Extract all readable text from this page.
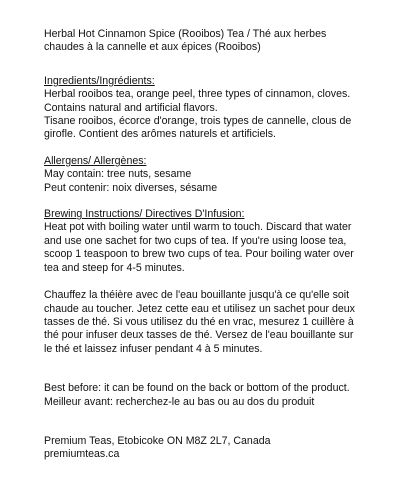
Herbal Hot Cinnamon Spice (Rooibos) Tea / Thé aux herbes

chaudes à la cannelle et aux épices (Rooibos)

Ingredients/Ingrédients:

Herbal rooibos tea, orange peel, three types of cinnamon, cloves.

Contains natural and artificial flavors.

Tisane rooibos, écorce d'orange, trois types de cannelle, clous de

girofle. Contient des arômes naturels et artificiels.

Allergens/ Allergènes:

May contain: tree nuts, sesame

Peut contenir: noix diverses, sésame

Brewing Instructions/ Directives D'Infusion:

Heat pot with boiling water until warm to touch. Discard that water

and use one sachet for two cups of tea. If you're using loose tea,

scoop 1 teaspoon to brew two cups of tea. Pour boiling water over

tea and steep for 4-5 minutes.

Chauffez la théière avec de l'eau bouillante jusqu'à ce qu'elle soit

chaude au toucher. Jetez cette eau et utilisez un sachet pour deux

tasses de thé. Si vous utilisez du thé en vrac, mesurez 1 cuillère à

thé pour infuser deux tasses de thé. Versez de l'eau bouillante sur

le thé et laissez infuser pendant 4 à 5 minutes.

Best before: it can be found on the back or bottom of the product.

Meilleur avant: recherchez-le au bas ou au dos du produit

Premium Teas, Etobicoke ON M8Z 2L7, Canada

premiumteas.ca
